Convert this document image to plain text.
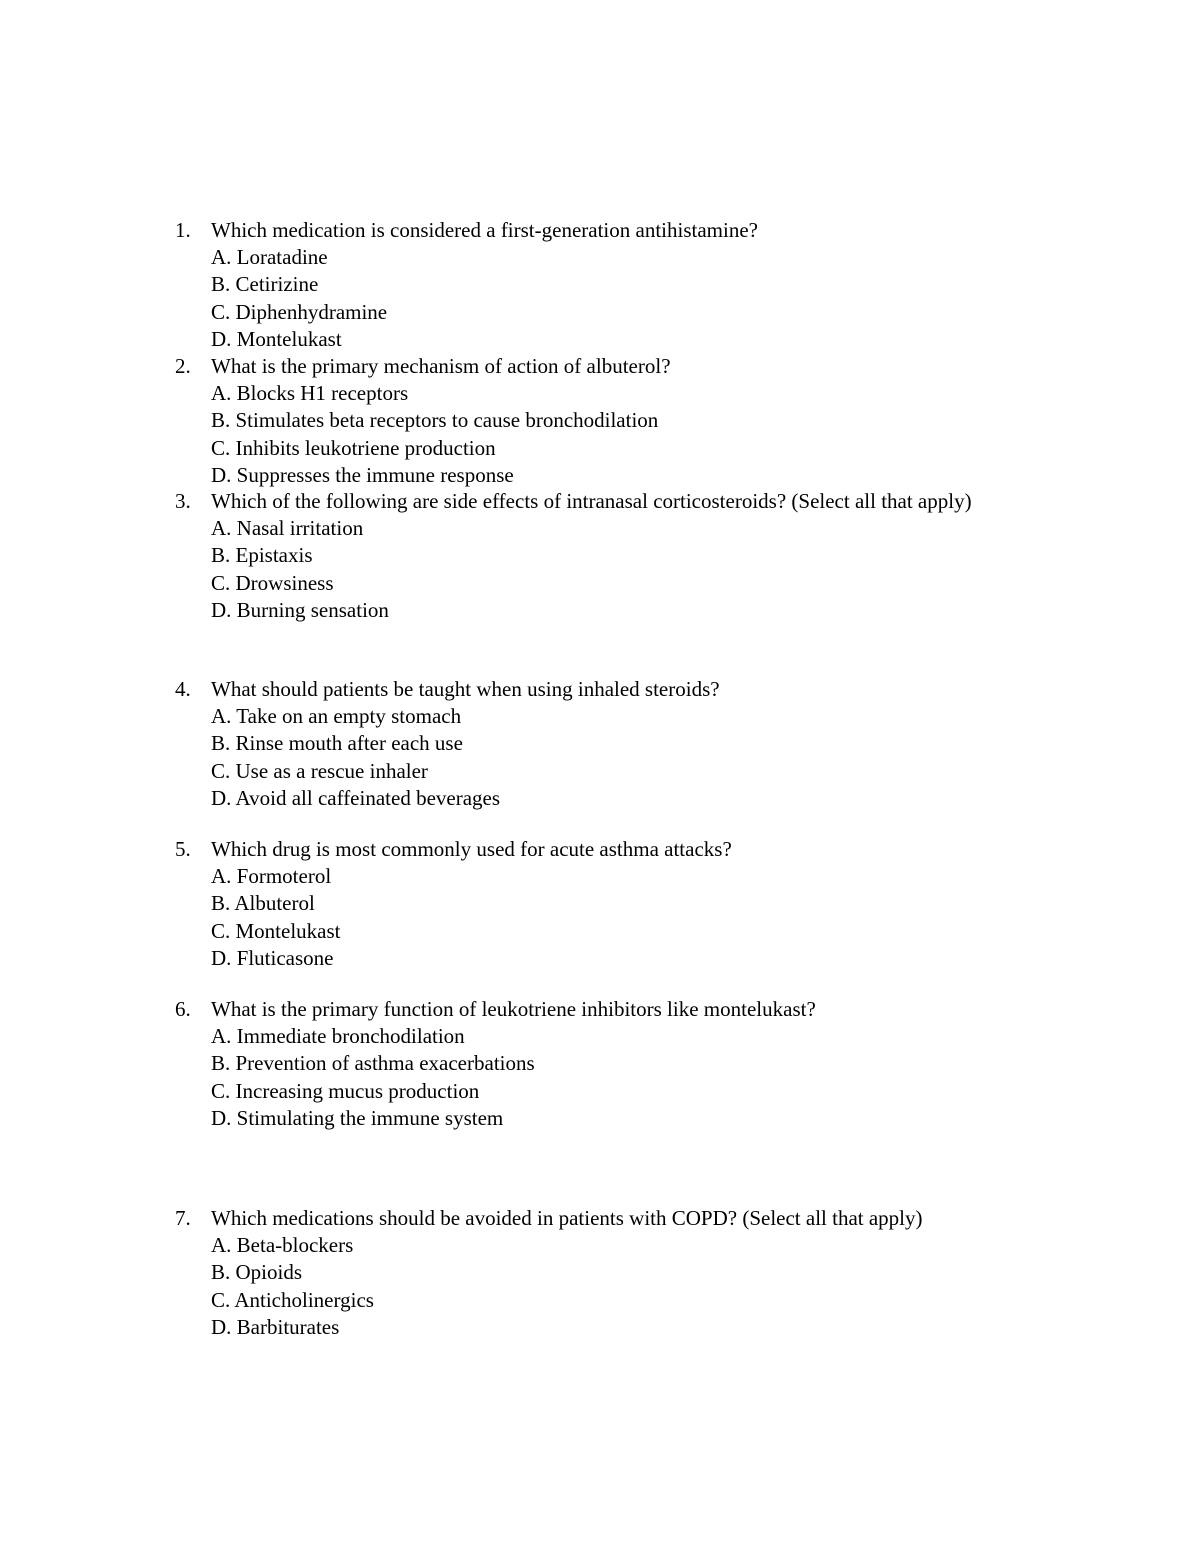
1. Which medication is considered a first-generation antihistamine?
A. Loratadine
B. Cetirizine
C. Diphenhydramine
D. Montelukast
2. What is the primary mechanism of action of albuterol?
A. Blocks H1 receptors
B. Stimulates beta receptors to cause bronchodilation
C. Inhibits leukotriene production
D. Suppresses the immune response
3. Which of the following are side effects of intranasal corticosteroids? (Select all that apply)
A. Nasal irritation
B. Epistaxis
C. Drowsiness
D. Burning sensation
4. What should patients be taught when using inhaled steroids?
A. Take on an empty stomach
B. Rinse mouth after each use
C. Use as a rescue inhaler
D. Avoid all caffeinated beverages
5. Which drug is most commonly used for acute asthma attacks?
A. Formoterol
B. Albuterol
C. Montelukast
D. Fluticasone
6. What is the primary function of leukotriene inhibitors like montelukast?
A. Immediate bronchodilation
B. Prevention of asthma exacerbations
C. Increasing mucus production
D. Stimulating the immune system
7. Which medications should be avoided in patients with COPD? (Select all that apply)
A. Beta-blockers
B. Opioids
C. Anticholinergics
D. Barbiturates
